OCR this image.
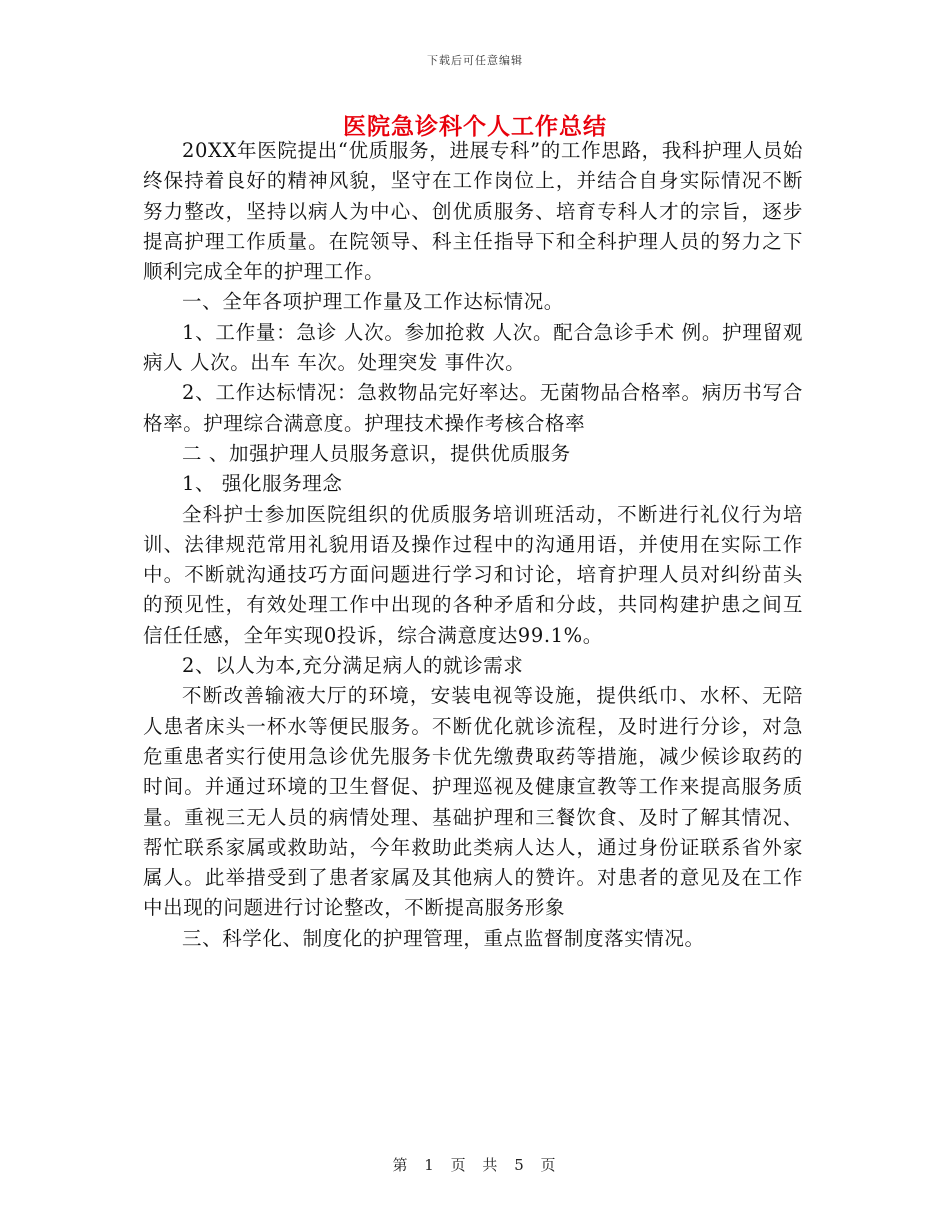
下载后可任意编辑
医院急诊科个人工作总结

20XX年医院提出“优质服务，进展专科”的工作思路，我科护理人员始终保持着良好的精神风貌，坚守在工作岗位上，并结合自身实际情况不断努力整改，坚持以病人为中心、创优质服务、培育专科人才的宗旨，逐步提高护理工作质量。在院领导、科主任指导下和全科护理人员的努力之下顺利完成全年的护理工作。

一、全年各项护理工作量及工作达标情况。

1、工作量：急诊 人次。参加抢救 人次。配合急诊手术 例。护理留观病人 人次。出车 车次。处理突发 事件次。

2、工作达标情况：急救物品完好率达。无菌物品合格率。病历书写合格率。护理综合满意度。护理技术操作考核合格率

二 、加强护理人员服务意识，提供优质服务

1、 强化服务理念

全科护士参加医院组织的优质服务培训班活动，不断进行礼仪行为培训、法律规范常用礼貌用语及操作过程中的沟通用语，并使用在实际工作中。不断就沟通技巧方面问题进行学习和讨论，培育护理人员对纠纷苗头的预见性，有效处理工作中出现的各种矛盾和分歧，共同构建护患之间互信任任感，全年实现0投诉，综合满意度达99.1%。

2、以人为本,充分满足病人的就诊需求

不断改善输液大厅的环境，安装电视等设施，提供纸巾、水杯、无陪人患者床头一杯水等便民服务。不断优化就诊流程，及时进行分诊，对急危重患者实行使用急诊优先服务卡优先缴费取药等措施，减少候诊取药的时间。并通过环境的卫生督促、护理巡视及健康宣教等工作来提高服务质量。重视三无人员的病情处理、基础护理和三餐饮食、及时了解其情况、帮忙联系家属或救助站，今年救助此类病人达人，通过身份证联系省外家属人。此举措受到了患者家属及其他病人的赞许。对患者的意见及在工作中出现的问题进行讨论整改，不断提高服务形象

三、科学化、制度化的护理管理，重点监督制度落实情况。

第 1 页 共 5 页
